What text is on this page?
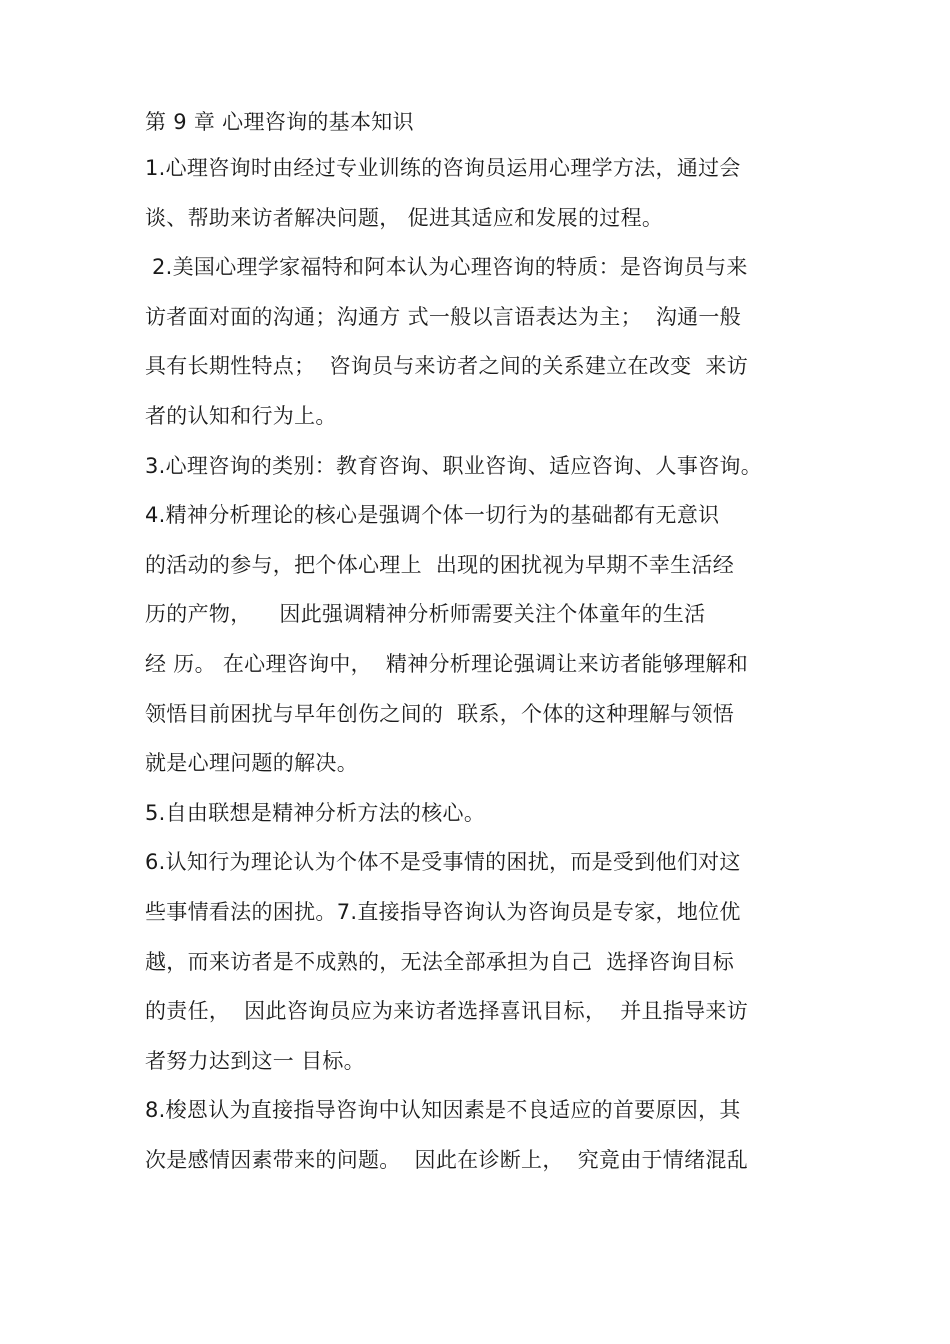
第 9 章 心理咨询的基本知识
1.心理咨询时由经过专业训练的咨询员运用心理学方法，通过会
谈、帮助来访者解决问题， 促进其适应和发展的过程。
2.美国心理学家福特和阿本认为心理咨询的特质：是咨询员与来
访者面对面的沟通；沟通方 式一般以言语表达为主；  沟通一般
具有长期性特点；  咨询员与来访者之间的关系建立在改变  来访
者的认知和行为上。
3.心理咨询的类别：教育咨询、职业咨询、适应咨询、人事咨询。
4.精神分析理论的核心是强调个体一切行为的基础都有无意识
的活动的参与，把个体心理上  出现的困扰视为早期不幸生活经
历的产物，    因此强调精神分析师需要关注个体童年的生活
经 历。 在心理咨询中，  精神分析理论强调让来访者能够理解和
领悟目前困扰与早年创伤之间的  联系，个体的这种理解与领悟
就是心理问题的解决。
5.自由联想是精神分析方法的核心。
6.认知行为理论认为个体不是受事情的困扰，而是受到他们对这
些事情看法的困扰。7.直接指导咨询认为咨询员是专家，地位优
越，而来访者是不成熟的，无法全部承担为自己  选择咨询目标
的责任，  因此咨询员应为来访者选择喜讯目标，  并且指导来访
者努力达到这一 目标。
8.梭恩认为直接指导咨询中认知因素是不良适应的首要原因，其
次是感情因素带来的问题。  因此在诊断上，  究竟由于情绪混乱
